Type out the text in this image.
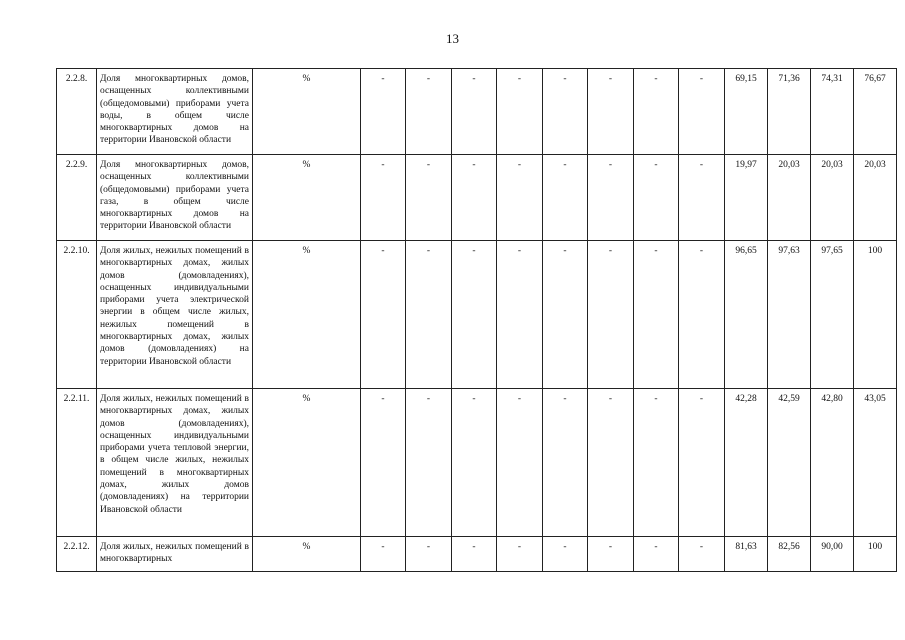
13
2.2.8.	Доля многоквартирных домов, оснащенных коллективными (общедомовыми) приборами учета воды, в общем числе многоквартирных домов на территории Ивановской области	%	-	-	-	-	-	-	-	-	69,15	71,36	74,31	76,67
2.2.9.	Доля многоквартирных домов, оснащенных коллективными (общедомовыми) приборами учета газа, в общем числе многоквартирных домов на территории Ивановской области	%	-	-	-	-	-	-	-	-	19,97	20,03	20,03	20,03
2.2.10.	Доля жилых, нежилых помещений в многоквартирных домах, жилых домов (домовладениях), оснащенных индивидуальными приборами учета электрической энергии в общем числе жилых, нежилых помещений в многоквартирных домах, жилых домов (домовладениях) на территории Ивановской области	%	-	-	-	-	-	-	-	-	96,65	97,63	97,65	100
2.2.11.	Доля жилых, нежилых помещений в многоквартирных домах, жилых домов (домовладениях), оснащенных индивидуальными приборами учета тепловой энергии, в общем числе жилых, нежилых помещений в многоквартирных домах, жилых домов (домовладениях) на территории Ивановской области	%	-	-	-	-	-	-	-	-	42,28	42,59	42,80	43,05
2.2.12.	Доля жилых, нежилых помещений в многоквартирных	%	-	-	-	-	-	-	-	-	81,63	82,56	90,00	100
